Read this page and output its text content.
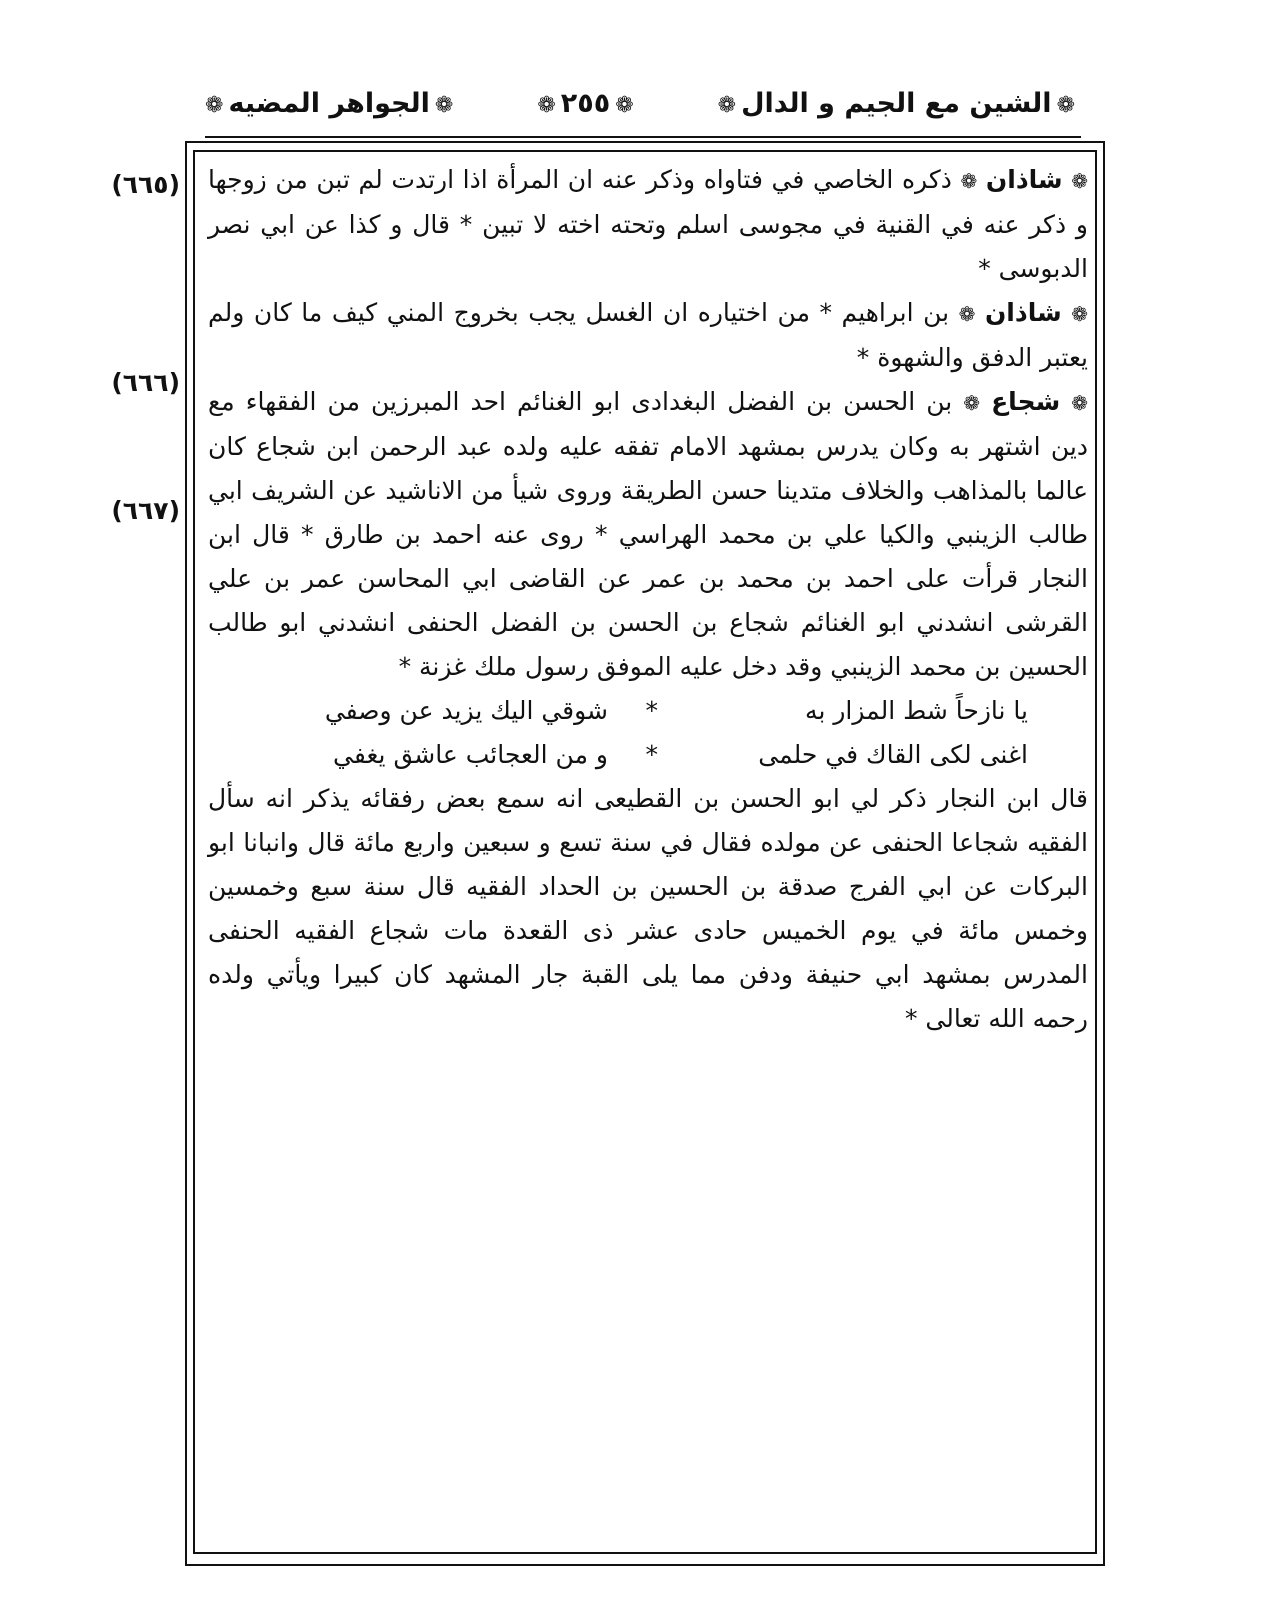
❁الشين مع الجيم و الدال❁
❁٢٥٥❁
❁الجواهر المضيه❁
(٦٦٥)
(٦٦٦)
(٦٦٧)

❁ شاذان ❁ ذكره الخاصي في فتاواه وذكر عنه ان المرأة اذا ارتدت لم تبن من زوجها و ذكر عنه في القنية في مجوسى اسلم وتحته اخته لا تبين * قال و كذا عن ابي نصر الدبوسى *

❁ شاذان ❁ بن ابراهيم * من اختياره ان الغسل يجب بخروج المني كيف ما كان ولم يعتبر الدفق والشهوة *

❁ شجاع ❁ بن الحسن بن الفضل البغدادى ابو الغنائم احد المبرزين من الفقهاء مع دين اشتهر به وكان يدرس بمشهد الامام تفقه عليه ولده عبد الرحمن ابن شجاع كان عالما بالمذاهب والخلاف متدينا حسن الطريقة وروى شيأ من الاناشيد عن الشريف ابي طالب الزينبي والكيا علي بن محمد الهراسي * روى عنه احمد بن طارق * قال ابن النجار قرأت على احمد بن محمد بن عمر عن القاضى ابي المحاسن عمر بن علي القرشى انشدني ابو الغنائم شجاع بن الحسن بن الفضل الحنفى انشدني ابو طالب الحسين بن محمد الزينبي وقد دخل عليه الموفق رسول ملك غزنة *

يا نازحاً شط المزار به
*
شوقي اليك يزيد عن وصفي
اغنى لكى القاك في حلمى
*
و من العجائب عاشق يغفي

قال ابن النجار ذكر لي ابو الحسن بن القطيعى انه سمع بعض رفقائه يذكر انه سأل الفقيه شجاعا الحنفى عن مولده فقال في سنة تسع و سبعين واربع مائة قال وانبانا ابو البركات عن ابي الفرج صدقة بن الحسين بن الحداد الفقيه قال سنة سبع وخمسين وخمس مائة في يوم الخميس حادى عشر ذى القعدة مات شجاع الفقيه الحنفى المدرس بمشهد ابي حنيفة ودفن مما يلى القبة جار المشهد كان كبيرا ويأتي ولده رحمه الله تعالى *
